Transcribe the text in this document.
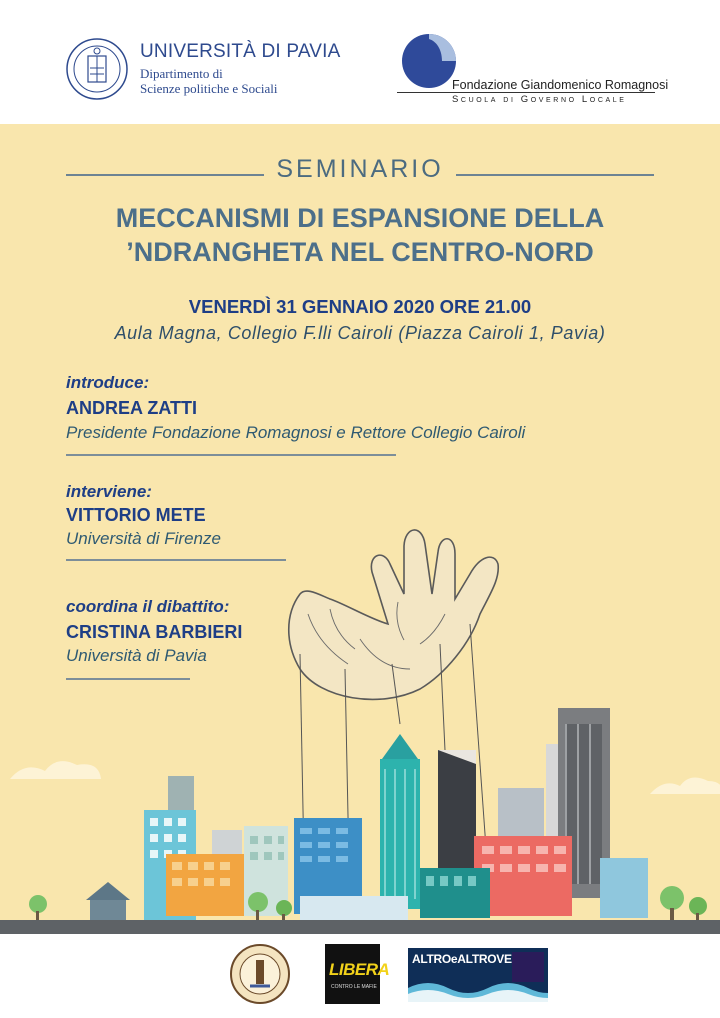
UNIVERSITÀ DI PAVIA
Dipartimento di
Scienze politiche e Sociali	Fondazione Giandomenico Romagnosi
Scuola di Governo Locale
SEMINARIO
MECCANISMI DI ESPANSIONE DELLA
’NDRANGHETA NEL CENTRO-NORD
VENERDÌ 31 GENNAIO 2020 ORE 21.00
Aula Magna, Collegio F.lli Cairoli (Piazza Cairoli 1, Pavia)
introduce:
ANDREA ZATTI
Presidente Fondazione Romagnosi e Rettore Collegio Cairoli
interviene:
VITTORIO METE
Università di Firenze
coordina il dibattito:
CRISTINA BARBIERI
Università di Pavia
LIBERA
CONTRO LE MAFIE
ALTROeALTROVE
